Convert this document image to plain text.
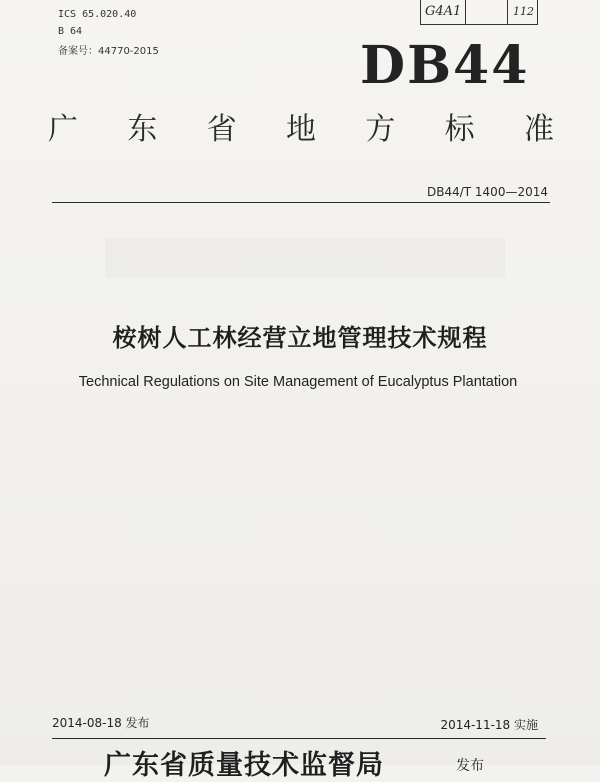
G4A1	112
ICS 65.020.40
B 64
备案号：44770-2015	DB44
广 东 省 地 方 标 准
DB44/T 1400—2014
桉树人工林经营立地管理技术规程
Technical Regulations on Site Management of Eucalyptus Plantation
2014-08-18 发布	2014-11-18 实施
广东省质量技术监督局	发布
